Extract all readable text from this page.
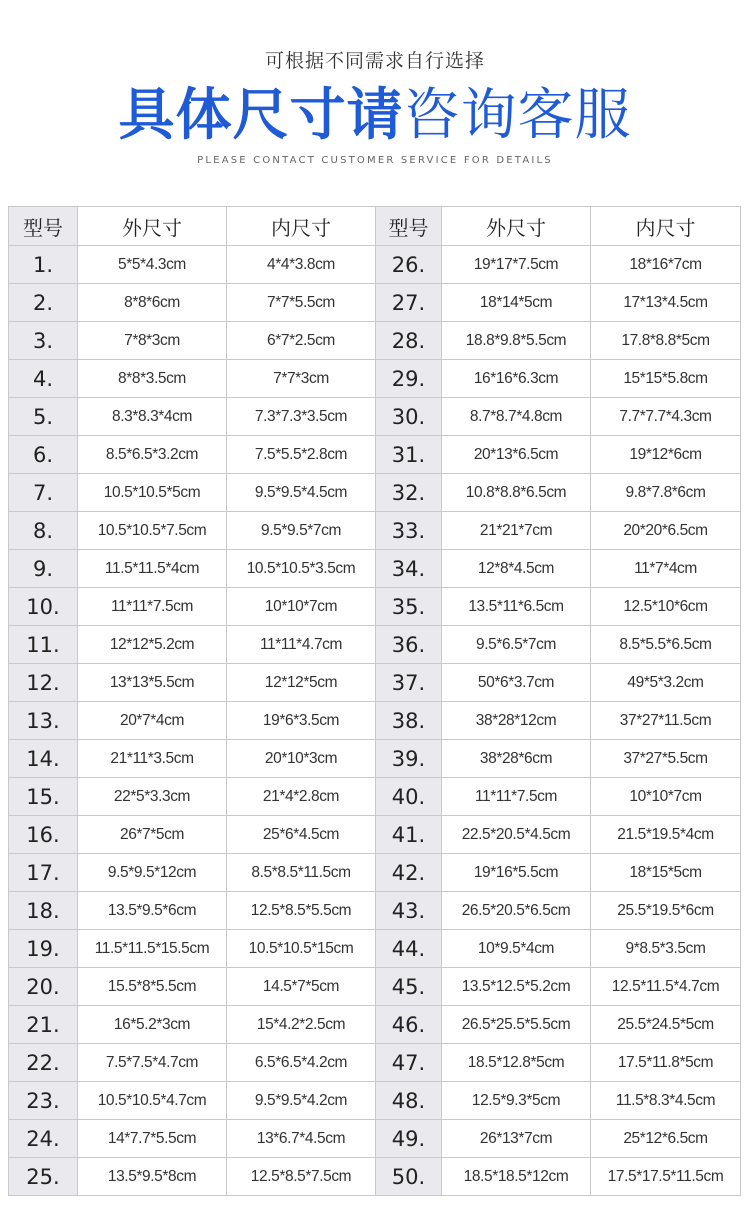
可根据不同需求自行选择
具体尺寸请咨询客服
PLEASE CONTACT CUSTOMER SERVICE FOR DETAILS
型号	外尺寸	内尺寸	型号	外尺寸	内尺寸
1.	5*5*4.3cm	4*4*3.8cm	26.	19*17*7.5cm	18*16*7cm
2.	8*8*6cm	7*7*5.5cm	27.	18*14*5cm	17*13*4.5cm
3.	7*8*3cm	6*7*2.5cm	28.	18.8*9.8*5.5cm	17.8*8.8*5cm
4.	8*8*3.5cm	7*7*3cm	29.	16*16*6.3cm	15*15*5.8cm
5.	8.3*8.3*4cm	7.3*7.3*3.5cm	30.	8.7*8.7*4.8cm	7.7*7.7*4.3cm
6.	8.5*6.5*3.2cm	7.5*5.5*2.8cm	31.	20*13*6.5cm	19*12*6cm
7.	10.5*10.5*5cm	9.5*9.5*4.5cm	32.	10.8*8.8*6.5cm	9.8*7.8*6cm
8.	10.5*10.5*7.5cm	9.5*9.5*7cm	33.	21*21*7cm	20*20*6.5cm
9.	11.5*11.5*4cm	10.5*10.5*3.5cm	34.	12*8*4.5cm	11*7*4cm
10.	11*11*7.5cm	10*10*7cm	35.	13.5*11*6.5cm	12.5*10*6cm
11.	12*12*5.2cm	11*11*4.7cm	36.	9.5*6.5*7cm	8.5*5.5*6.5cm
12.	13*13*5.5cm	12*12*5cm	37.	50*6*3.7cm	49*5*3.2cm
13.	20*7*4cm	19*6*3.5cm	38.	38*28*12cm	37*27*11.5cm
14.	21*11*3.5cm	20*10*3cm	39.	38*28*6cm	37*27*5.5cm
15.	22*5*3.3cm	21*4*2.8cm	40.	11*11*7.5cm	10*10*7cm
16.	26*7*5cm	25*6*4.5cm	41.	22.5*20.5*4.5cm	21.5*19.5*4cm
17.	9.5*9.5*12cm	8.5*8.5*11.5cm	42.	19*16*5.5cm	18*15*5cm
18.	13.5*9.5*6cm	12.5*8.5*5.5cm	43.	26.5*20.5*6.5cm	25.5*19.5*6cm
19.	11.5*11.5*15.5cm	10.5*10.5*15cm	44.	10*9.5*4cm	9*8.5*3.5cm
20.	15.5*8*5.5cm	14.5*7*5cm	45.	13.5*12.5*5.2cm	12.5*11.5*4.7cm
21.	16*5.2*3cm	15*4.2*2.5cm	46.	26.5*25.5*5.5cm	25.5*24.5*5cm
22.	7.5*7.5*4.7cm	6.5*6.5*4.2cm	47.	18.5*12.8*5cm	17.5*11.8*5cm
23.	10.5*10.5*4.7cm	9.5*9.5*4.2cm	48.	12.5*9.3*5cm	11.5*8.3*4.5cm
24.	14*7.7*5.5cm	13*6.7*4.5cm	49.	26*13*7cm	25*12*6.5cm
25.	13.5*9.5*8cm	12.5*8.5*7.5cm	50.	18.5*18.5*12cm	17.5*17.5*11.5cm
